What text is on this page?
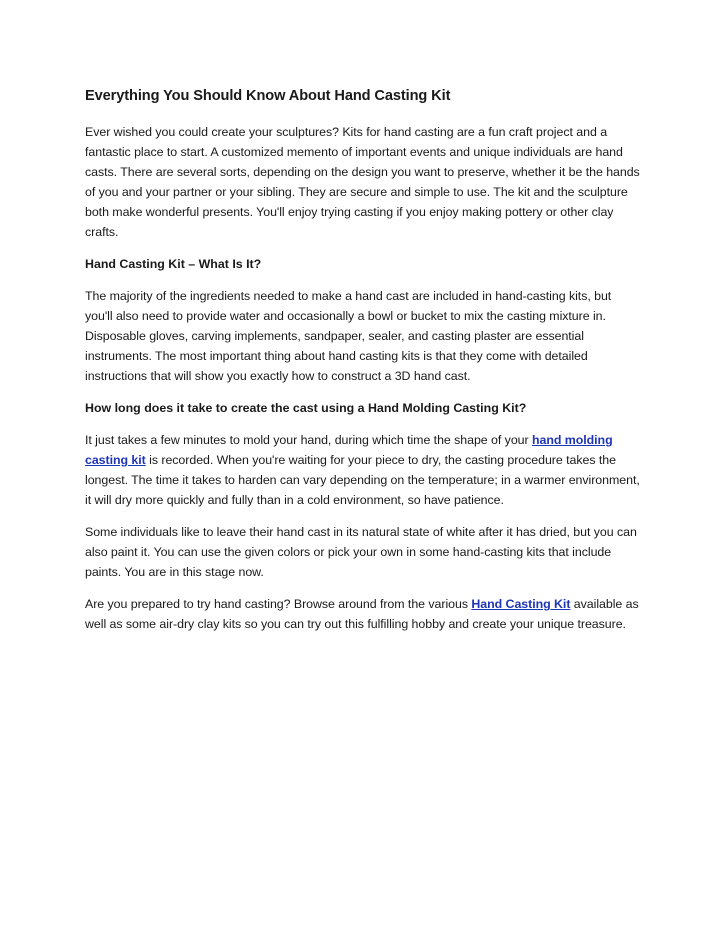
Everything You Should Know About Hand Casting Kit

Ever wished you could create your sculptures? Kits for hand casting are a fun craft project and a fantastic place to start. A customized memento of important events and unique individuals are hand casts. There are several sorts, depending on the design you want to preserve, whether it be the hands of you and your partner or your sibling. They are secure and simple to use. The kit and the sculpture both make wonderful presents. You'll enjoy trying casting if you enjoy making pottery or other clay crafts.

Hand Casting Kit – What Is It?

The majority of the ingredients needed to make a hand cast are included in hand-casting kits, but you'll also need to provide water and occasionally a bowl or bucket to mix the casting mixture in. Disposable gloves, carving implements, sandpaper, sealer, and casting plaster are essential instruments. The most important thing about hand casting kits is that they come with detailed instructions that will show you exactly how to construct a 3D hand cast.

How long does it take to create the cast using a Hand Molding Casting Kit?

It just takes a few minutes to mold your hand, during which time the shape of your hand molding casting kit is recorded. When you're waiting for your piece to dry, the casting procedure takes the longest. The time it takes to harden can vary depending on the temperature; in a warmer environment, it will dry more quickly and fully than in a cold environment, so have patience.

Some individuals like to leave their hand cast in its natural state of white after it has dried, but you can also paint it. You can use the given colors or pick your own in some hand-casting kits that include paints. You are in this stage now.

Are you prepared to try hand casting? Browse around from the various Hand Casting Kit available as well as some air-dry clay kits so you can try out this fulfilling hobby and create your unique treasure.
